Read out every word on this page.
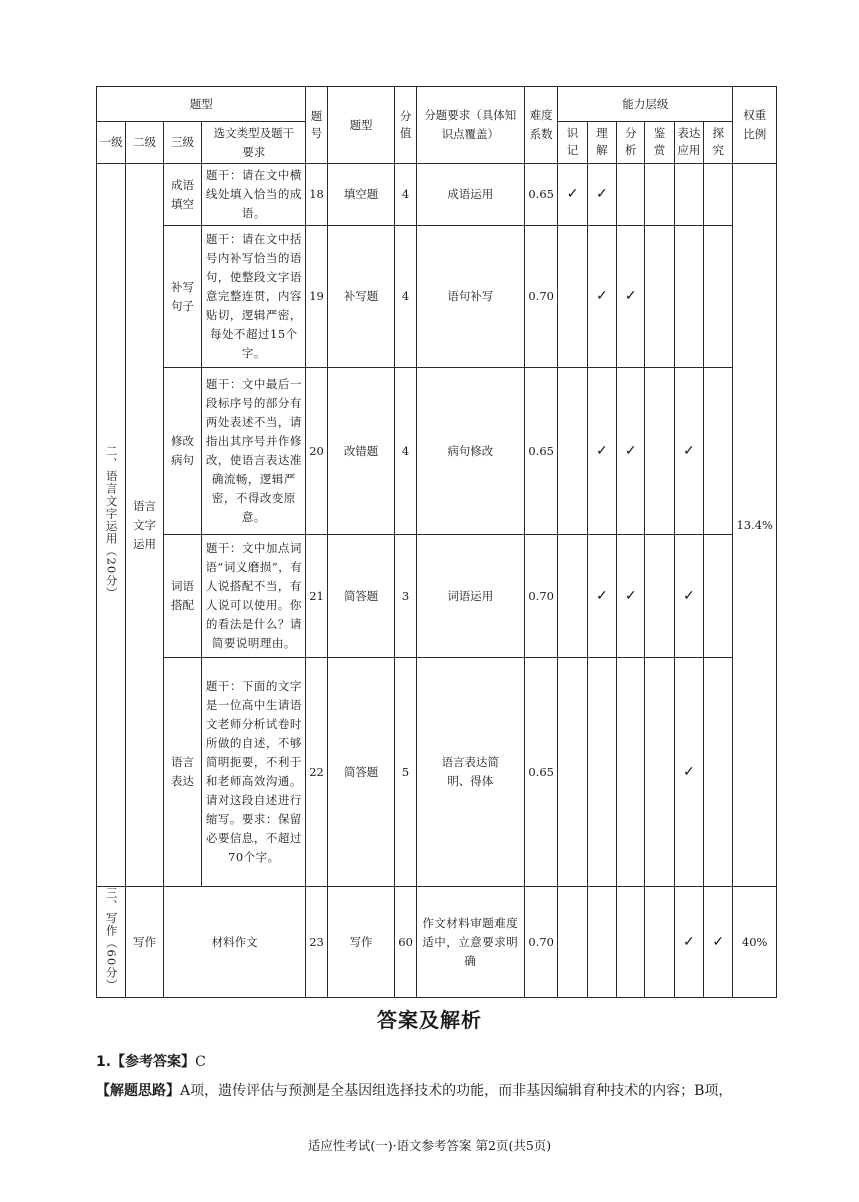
题型				题号	题型	分值	分题要求（具体知识点覆盖）	难度系数	能力层级						权重比例
一级	二级	三级	选文类型及题干要求						识记	理解	分析	鉴赏	表达应用	探究	
二、语言文字运用（20分）	语言文字运用	成语填空	题干：请在文中横线处填入恰当的成语。	18	填空题	4	成语运用	0.65	✓	✓					13.4%
		补写句子	题干：请在文中括号内补写恰当的语句，使整段文字语意完整连贯，内容贴切，逻辑严密，每处不超过15个字。	19	补写题	4	语句补写	0.70		✓	✓				
		修改病句	题干：文中最后一段标序号的部分有两处表述不当，请指出其序号并作修改，使语言表达准确流畅，逻辑严密，不得改变原意。	20	改错题	4	病句修改	0.65		✓	✓		✓		
		词语搭配	题干：文中加点词语“词义磨损”，有人说搭配不当，有人说可以使用。你的看法是什么？请简要说明理由。	21	简答题	3	词语运用	0.70		✓	✓		✓		
		语言表达	题干：下面的文字是一位高中生请语文老师分析试卷时所做的自述，不够简明扼要，不利于和老师高效沟通。请对这段自述进行缩写。要求：保留必要信息，不超过70个字。	22	简答题	5	语言表达简明、得体	0.65					✓		
三、写作（60分）	写作	材料作文		23	写作	60	作文材料审题难度适中，立意要求明确	0.70					✓	✓	40%
答案及解析
1.【参考答案】C
【解题思路】A项，遗传评估与预测是全基因组选择技术的功能，而非基因编辑育种技术的内容；B项，
适应性考试(一)·语文参考答案 第2页(共5页)
